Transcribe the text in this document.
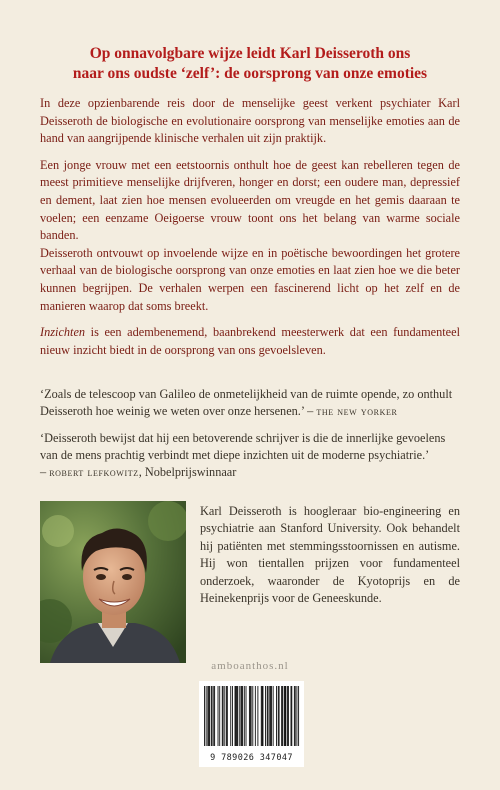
Op onnavolgbare wijze leidt Karl Deisseroth ons
naar ons oudste ‘zelf’: de oorsprong van onze emoties

In deze opzienbarende reis door de menselijke geest verkent psychiater Karl Deisseroth de biologische en evolutionaire oorsprong van menselijke emoties aan de hand van aangrijpende klinische verhalen uit zijn praktijk.

Een jonge vrouw met een eetstoornis onthult hoe de geest kan rebelleren tegen de meest primitieve menselijke drijfveren, honger en dorst; een oudere man, depressief en dement, laat zien hoe mensen evolueerden om vreugde en het gemis daaraan te voelen; een eenzame Oeigoerse vrouw toont ons het belang van warme sociale banden.

Deisseroth ontvouwt op invoelende wijze en in poëtische bewoordingen het grotere verhaal van de biologische oorsprong van onze emoties en laat zien hoe we die beter kunnen begrijpen. De verhalen werpen een fascinerend licht op het zelf en de manieren waarop dat soms breekt.

Inzichten is een adembenemend, baanbrekend meesterwerk dat een fundamenteel nieuw inzicht biedt in de oorsprong van ons gevoelsleven.

‘Zoals de telescoop van Galileo de onmetelijkheid van de ruimte opende, zo onthult Deisseroth hoe weinig we weten over onze hersenen.’ – the new yorker

‘Deisseroth bewijst dat hij een betoverende schrijver is die de innerlijke gevoelens van de mens prachtig verbindt met diepe inzichten uit de moderne psychiatrie.’
– robert lefkowitz, Nobelprijswinnaar

Karl Deisseroth is hoogleraar bio-engineering en psychiatrie aan Stanford University. Ook behandelt hij patiënten met stemmingsstoornissen en autisme. Hij won tientallen prijzen voor fundamenteel onderzoek, waaronder de Kyotoprijs en de Heinekenprijs voor de Geneeskunde.
amboanthos.nl
9 789026 347047
